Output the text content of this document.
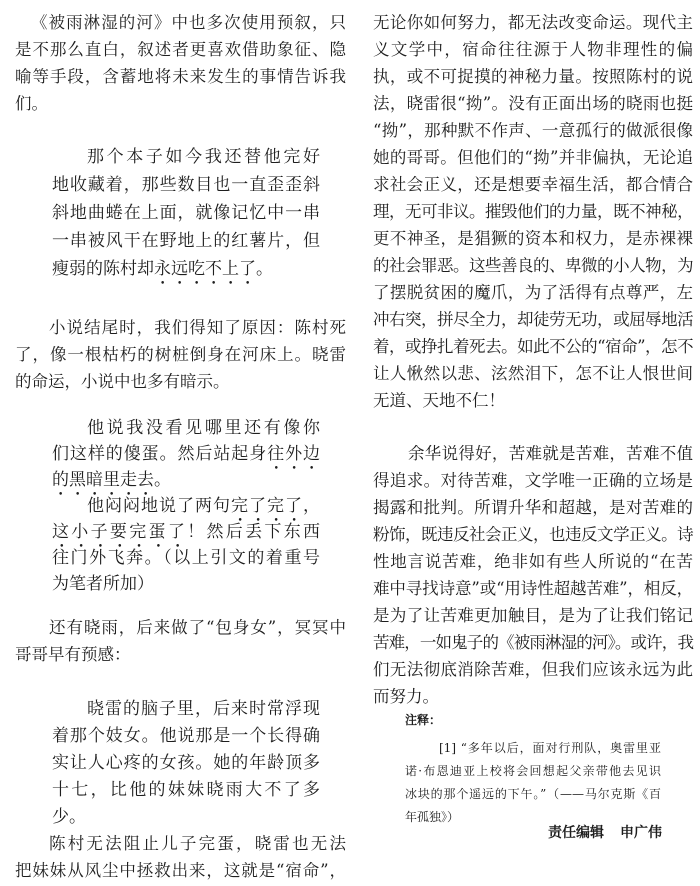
《被雨淋湿的河》中也多次使用预叙，只
是不那么直白，叙述者更喜欢借助象征、隐
喻等手段，含蓄地将未来发生的事情告诉我
们。
那个本子如今我还替他完好
地收藏着，那些数目也一直歪歪斜
斜地曲蜷在上面，就像记忆中一串
一串被风干在野地上的红薯片，但
瘦弱的陈村却永远吃不上了。
小说结尾时，我们得知了原因：陈村死
了，像一根枯朽的树桩倒身在河床上。晓雷
的命运，小说中也多有暗示。
他说我没看见哪里还有像你
们这样的傻蛋。然后站起身往外边
的黑暗里走去。
他闷闷地说了两句完了完了，
这小子要完蛋了！然后丢下东西
往门外飞奔。（以上引文的着重号
为笔者所加）
还有晓雨，后来做了“包身女”，冥冥中
哥哥早有预感：
晓雷的脑子里，后来时常浮现
着那个妓女。他说那是一个长得确
实让人心疼的女孩。她的年龄顶多
十七，比他的妹妹晓雨大不了多
少。
陈村无法阻止儿子完蛋，晓雷也无法
把妹妹从风尘中拯救出来，这就是“宿命”，
无论你如何努力，都无法改变命运。现代主
义文学中，宿命往往源于人物非理性的偏
执，或不可捉摸的神秘力量。按照陈村的说
法，晓雷很“拗”。没有正面出场的晓雨也挺
“拗”，那种默不作声、一意孤行的做派很像
她的哥哥。但他们的“拗”并非偏执，无论追
求社会正义，还是想要幸福生活，都合情合
理，无可非议。摧毁他们的力量，既不神秘，
更不神圣，是猖獗的资本和权力，是赤裸裸
的社会罪恶。这些善良的、卑微的小人物，为
了摆脱贫困的魔爪，为了活得有点尊严，左
冲右突，拼尽全力，却徒劳无功，或屈辱地活
着，或挣扎着死去。如此不公的“宿命”，怎不
让人愀然以悲、泫然泪下，怎不让人恨世间
无道、天地不仁！
余华说得好，苦难就是苦难，苦难不值
得追求。对待苦难，文学唯一正确的立场是
揭露和批判。所谓升华和超越，是对苦难的
粉饰，既违反社会正义，也违反文学正义。诗
性地言说苦难，绝非如有些人所说的“在苦
难中寻找诗意”或“用诗性超越苦难”，相反，
是为了让苦难更加触目，是为了让我们铭记
苦难，一如鬼子的《被雨淋湿的河》。或许，我
们无法彻底消除苦难，但我们应该永远为此
而努力。
注释：
[1] “多年以后，面对行刑队，奥雷里亚
诺·布恩迪亚上校将会回想起父亲带他去见识
冰块的那个遥远的下午。”（——马尔克斯《百
年孤独》）
责任编辑 申广伟
